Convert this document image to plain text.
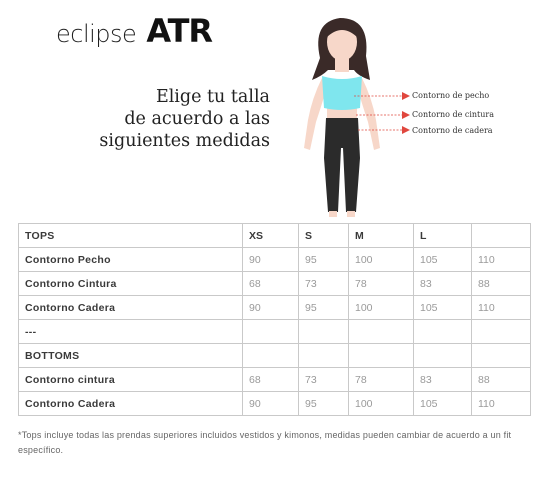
eclipse ATR
Elige tu talla
de acuerdo a las
siguientes medidas
Contorno de pecho
Contorno de cintura
Contorno de cadera
TOPS	XS	S	M	L	
Contorno Pecho	90	95	100	105	110
Contorno Cintura	68	73	78	83	88
Contorno Cadera	90	95	100	105	110
---					
BOTTOMS					
Contorno cintura	68	73	78	83	88
Contorno Cadera	90	95	100	105	110
*Tops incluye todas las prendas superiores incluidos vestidos y kimonos, medidas pueden cambiar de acuerdo a un fit específico.
